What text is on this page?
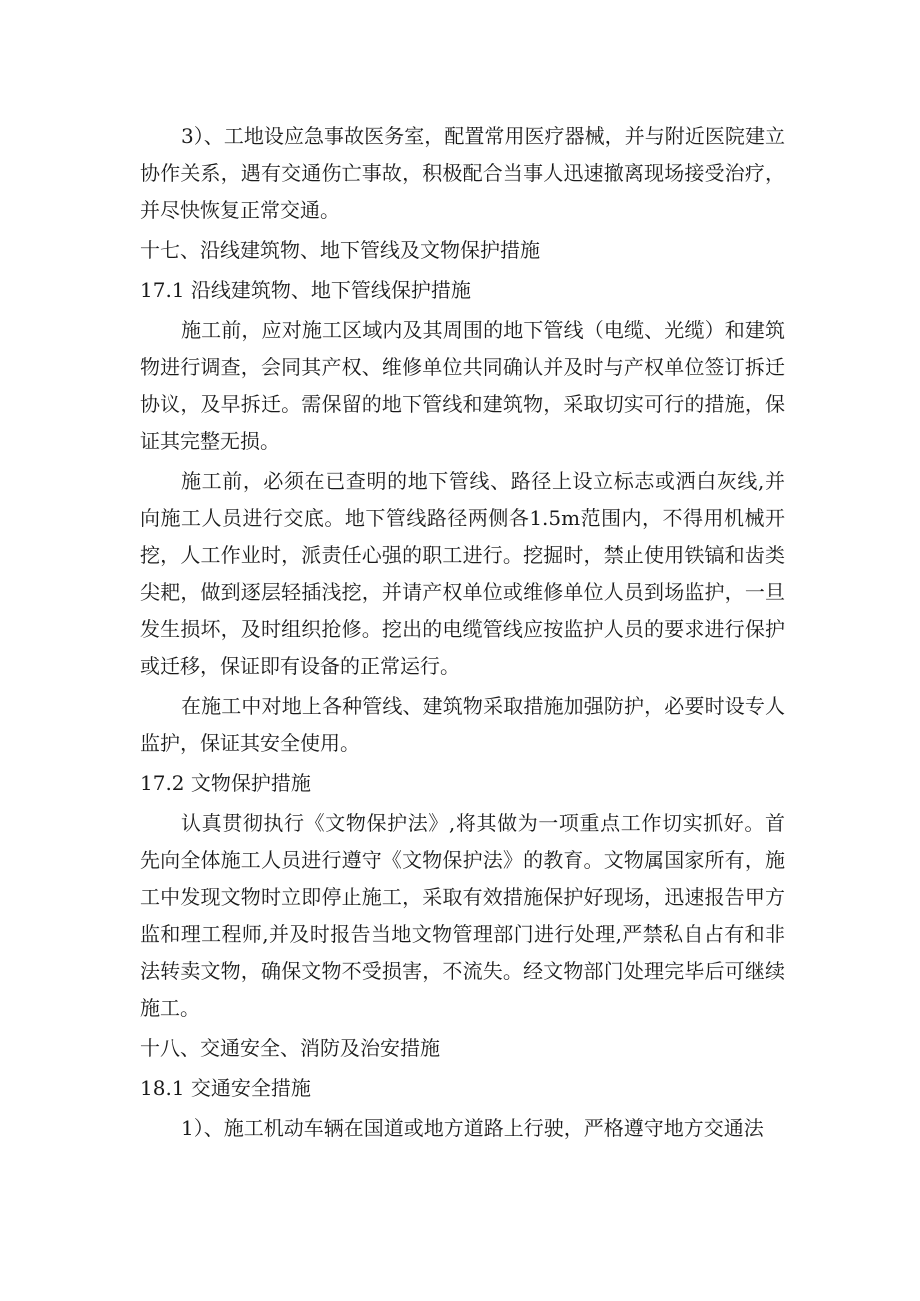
3）、工地设应急事故医务室，配置常用医疗器械，并与附近医院建立协作关系，遇有交通伤亡事故，积极配合当事人迅速撤离现场接受治疗，并尽快恢复正常交通。

十七、沿线建筑物、地下管线及文物保护措施

17.1 沿线建筑物、地下管线保护措施

施工前，应对施工区域内及其周围的地下管线（电缆、光缆）和建筑物进行调查，会同其产权、维修单位共同确认并及时与产权单位签订拆迁协议，及早拆迁。需保留的地下管线和建筑物，采取切实可行的措施，保证其完整无损。

施工前，必须在已查明的地下管线、路径上设立标志或洒白灰线,并向施工人员进行交底。地下管线路径两侧各1.5m范围内，不得用机械开挖，人工作业时，派责任心强的职工进行。挖掘时，禁止使用铁镐和齿类尖耙，做到逐层轻插浅挖，并请产权单位或维修单位人员到场监护，一旦发生损坏，及时组织抢修。挖出的电缆管线应按监护人员的要求进行保护或迁移，保证即有设备的正常运行。

在施工中对地上各种管线、建筑物采取措施加强防护，必要时设专人监护，保证其安全使用。

17.2 文物保护措施

认真贯彻执行《文物保护法》,将其做为一项重点工作切实抓好。首先向全体施工人员进行遵守《文物保护法》的教育。文物属国家所有，施工中发现文物时立即停止施工，采取有效措施保护好现场，迅速报告甲方监和理工程师,并及时报告当地文物管理部门进行处理,严禁私自占有和非法转卖文物，确保文物不受损害，不流失。经文物部门处理完毕后可继续施工。

十八、交通安全、消防及治安措施

18.1 交通安全措施

1）、施工机动车辆在国道或地方道路上行驶，严格遵守地方交通法
